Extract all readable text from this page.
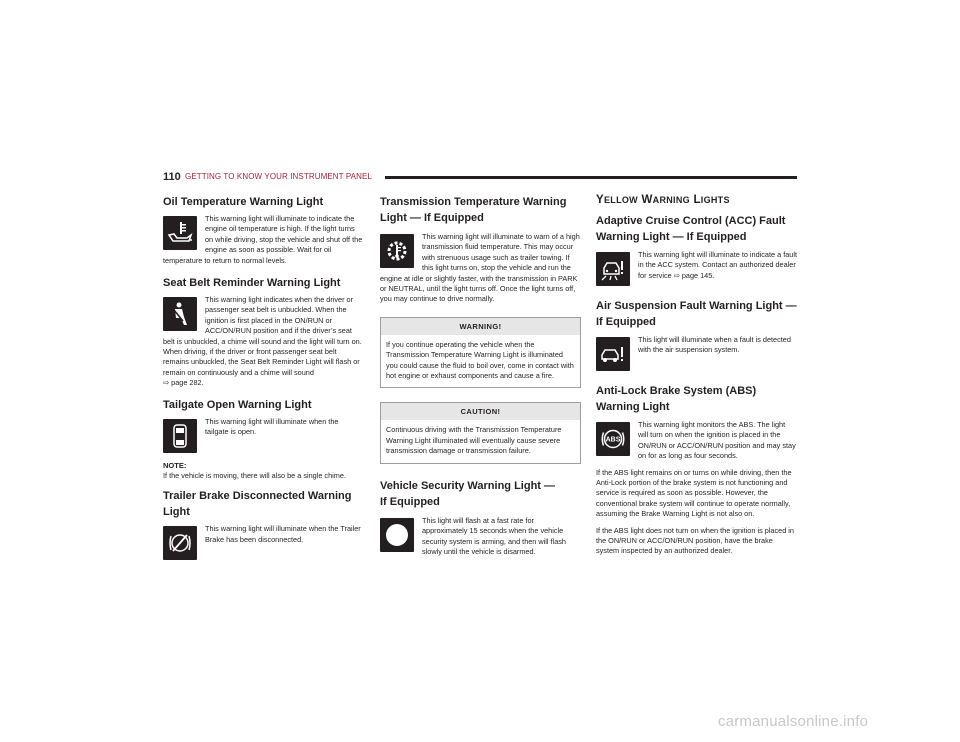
110 GETTING TO KNOW YOUR INSTRUMENT PANEL
Oil Temperature Warning Light

This warning light will illuminate to indicate the engine oil temperature is high. If the light turns on while driving, stop the vehicle and shut off the engine as soon as possible. Wait for oil temperature to return to normal levels.

Seat Belt Reminder Warning Light

This warning light indicates when the driver or passenger seat belt is unbuckled. When the ignition is first placed in the ON/RUN or ACC/ON/RUN position and if the driver’s seat belt is unbuckled, a chime will sound and the light will turn on. When driving, if the driver or front passenger seat belt remains unbuckled, the Seat Belt Reminder Light will flash or remain on continuously and a chime will sound
⇨ page 282.

Tailgate Open Warning Light

This warning light will illuminate when the tailgate is open.

NOTE:

If the vehicle is moving, there will also be a single chime.

Trailer Brake Disconnected Warning Light

This warning light will illuminate when the Trailer Brake has been disconnected.

Transmission Temperature Warning
Light — If Equipped

This warning light will illuminate to warn of a high transmission fluid temperature. This may occur with strenuous usage such as trailer towing. If this light turns on, stop the vehicle and run the engine at idle or slightly faster, with the transmission in PARK or NEUTRAL, until the light turns off. Once the light turns off, you may continue to drive normally.

WARNING!

If you continue operating the vehicle when the Transmission Temperature Warning Light is illuminated you could cause the fluid to boil over, come in contact with hot engine or exhaust components and cause a fire.

CAUTION!

Continuous driving with the Transmission Temperature Warning Light illuminated will eventually cause severe transmission damage or transmission failure.

Vehicle Security Warning Light —
If Equipped

This light will flash at a fast rate for approximately 15 seconds when the vehicle security system is arming, and then will flash slowly until the vehicle is disarmed.

YELLOW WARNING LIGHTS
Adaptive Cruise Control (ACC) Fault
Warning Light — If Equipped

This warning light will illuminate to indicate a fault in the ACC system. Contact an authorized dealer for service ⇨ page 145.

Air Suspension Fault Warning Light —
If Equipped

This light will illuminate when a fault is detected with the air suspension system.

Anti-Lock Brake System (ABS)
Warning Light
ABS

This warning light monitors the ABS. The light will turn on when the ignition is placed in the ON/RUN or ACC/ON/RUN position and may stay on for as long as four seconds.

If the ABS light remains on or turns on while driving, then the Anti-Lock portion of the brake system is not functioning and service is required as soon as possible. However, the conventional brake system will continue to operate normally, assuming the Brake Warning Light is not also on.

If the ABS light does not turn on when the ignition is placed in the ON/RUN or ACC/ON/RUN position, have the brake system inspected by an authorized dealer.

carmanualsonline.info
